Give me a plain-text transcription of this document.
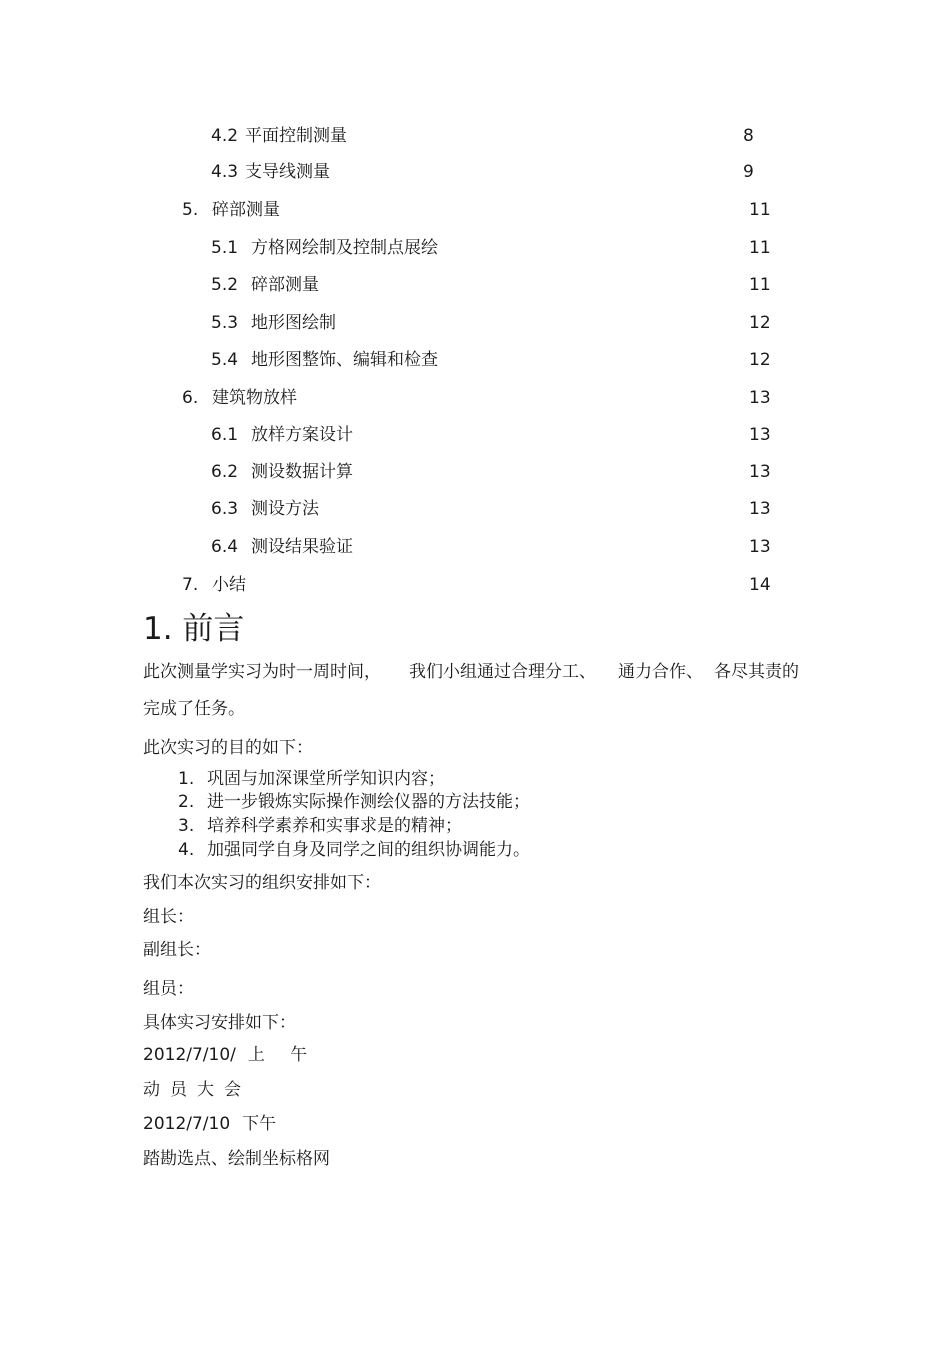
4.2 平面控制测量	8
4.3 支导线测量	9
5. 碎部测量	11
5.1 方格网绘制及控制点展绘	11
5.2 碎部测量	11
5.3 地形图绘制	12
5.4 地形图整饰、编辑和检查	12
6. 建筑物放样	13
6.1 放样方案设计	13
6.2 测设数据计算	13
6.3 测设方法	13
6.4 测设结果验证	13
7. 小结	14
1. 前言
此次测量学实习为时一周时间， 我们小组通过合理分工、 通力合作、 各尽其责的
完成了任务。
此次实习的目的如下：
1. 巩固与加深课堂所学知识内容；
2. 进一步锻炼实际操作测绘仪器的方法技能；
3. 培养科学素养和实事求是的精神；
4. 加强同学自身及同学之间的组织协调能力。
我们本次实习的组织安排如下：
组长：
副组长：
组员：
具体实习安排如下：
2012/7/10/ 上 午
动员大会
2012/7/10 下午
踏勘选点、绘制坐标格网
